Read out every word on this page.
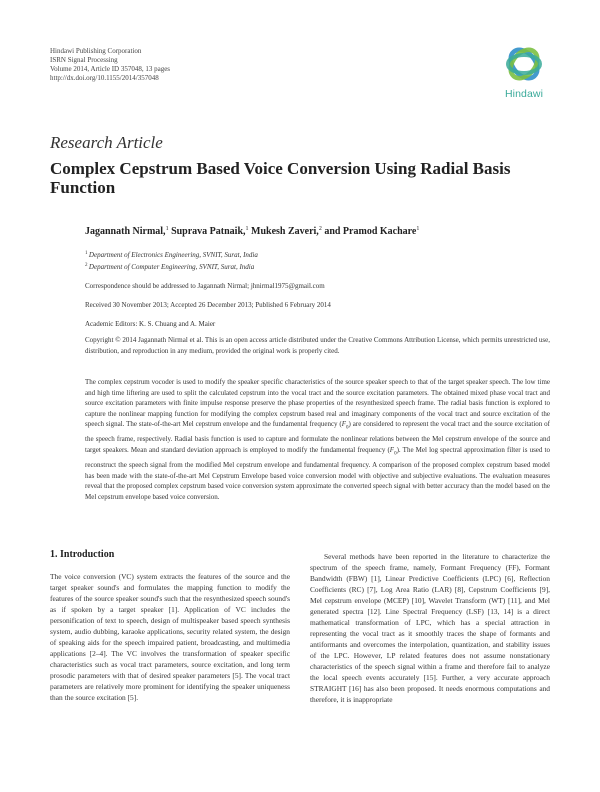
Hindawi Publishing Corporation
ISRN Signal Processing
Volume 2014, Article ID 357048, 13 pages
http://dx.doi.org/10.1155/2014/357048
Hindawi
Research Article
Complex Cepstrum Based Voice Conversion Using Radial Basis Function
Jagannath Nirmal,$^1$ Suprava Patnaik,$^1$ Mukesh Zaveri,$^2$ and Pramod Kachare$^1$
$^1$ Department of Electronics Engineering, SVNIT, Surat, India
$^2$ Department of Computer Engineering, SVNIT, Surat, India
Correspondence should be addressed to Jagannath Nirmal; jhnirmal1975@gmail.com
Received 30 November 2013; Accepted 26 December 2013; Published 6 February 2014
Academic Editors: K. S. Chuang and A. Maier

Copyright © 2014 Jagannath Nirmal et al. This is an open access article distributed under the Creative Commons Attribution License, which permits unrestricted use, distribution, and reproduction in any medium, provided the original work is properly cited.

The complex cepstrum vocoder is used to modify the speaker specific characteristics of the source speaker speech to that of the target speaker speech. The low time and high time liftering are used to split the calculated cepstrum into the vocal tract and the source excitation parameters. The obtained mixed phase vocal tract and source excitation parameters with finite impulse response preserve the phase properties of the resynthesized speech frame. The radial basis function is explored to capture the nonlinear mapping function for modifying the complex cepstrum based real and imaginary components of the vocal tract and source excitation of the speech signal. The state-of-the-art Mel cepstrum envelope and the fundamental frequency $(F_0)$ are considered to represent the vocal tract and the source excitation of the speech frame, respectively. Radial basis function is used to capture and formulate the nonlinear relations between the Mel cepstrum envelope of the source and target speakers. Mean and standard deviation approach is employed to modify the fundamental frequency $(F_0)$. The Mel log spectral approximation filter is used to reconstruct the speech signal from the modified Mel cepstrum envelope and fundamental frequency. A comparison of the proposed complex cepstrum based model has been made with the state-of-the-art Mel Cepstrum Envelope based voice conversion model with objective and subjective evaluations. The evaluation measures reveal that the proposed complex cepstrum based voice conversion system approximate the converted speech signal with better accuracy than the model based on the Mel cepstrum envelope based voice conversion.

1. Introduction

The voice conversion (VC) system extracts the features of the source and the target speaker sound's and formulates the mapping function to modify the features of the source speaker sound's such that the resynthesized speech sound's as if spoken by a target speaker [1]. Application of VC includes the personification of text to speech, design of multispeaker based speech synthesis system, audio dubbing, karaoke applications, security related system, the design of speaking aids for the speech impaired patient, broadcasting, and multimedia applications [2–4]. The VC involves the transformation of speaker specific characteristics such as vocal tract parameters, source excitation, and long term prosodic parameters with that of desired speaker parameters [5]. The vocal tract parameters are relatively more prominent for identifying the speaker uniqueness than the source excitation [5].

Several methods have been reported in the literature to characterize the spectrum of the speech frame, namely, Formant Frequency (FF), Formant Bandwidth (FBW) [1], Linear Predictive Coefficients (LPC) [6], Reflection Coefficients (RC) [7], Log Area Ratio (LAR) [8], Cepstrum Coefficients [9], Mel cepstrum envelope (MCEP) [10], Wavelet Transform (WT) [11], and Mel generated spectra [12]. Line Spectral Frequency (LSF) [13, 14] is a direct mathematical transformation of LPC, which has a special attraction in representing the vocal tract as it smoothly traces the shape of formants and antiformants and overcomes the interpolation, quantization, and stability issues of the LPC. However, LP related features does not assume nonstationary characteristics of the speech signal within a frame and therefore fail to analyze the local speech events accurately [15]. Further, a very accurate approach STRAIGHT [16] has also been proposed. It needs enormous computations and therefore, it is inappropriate
